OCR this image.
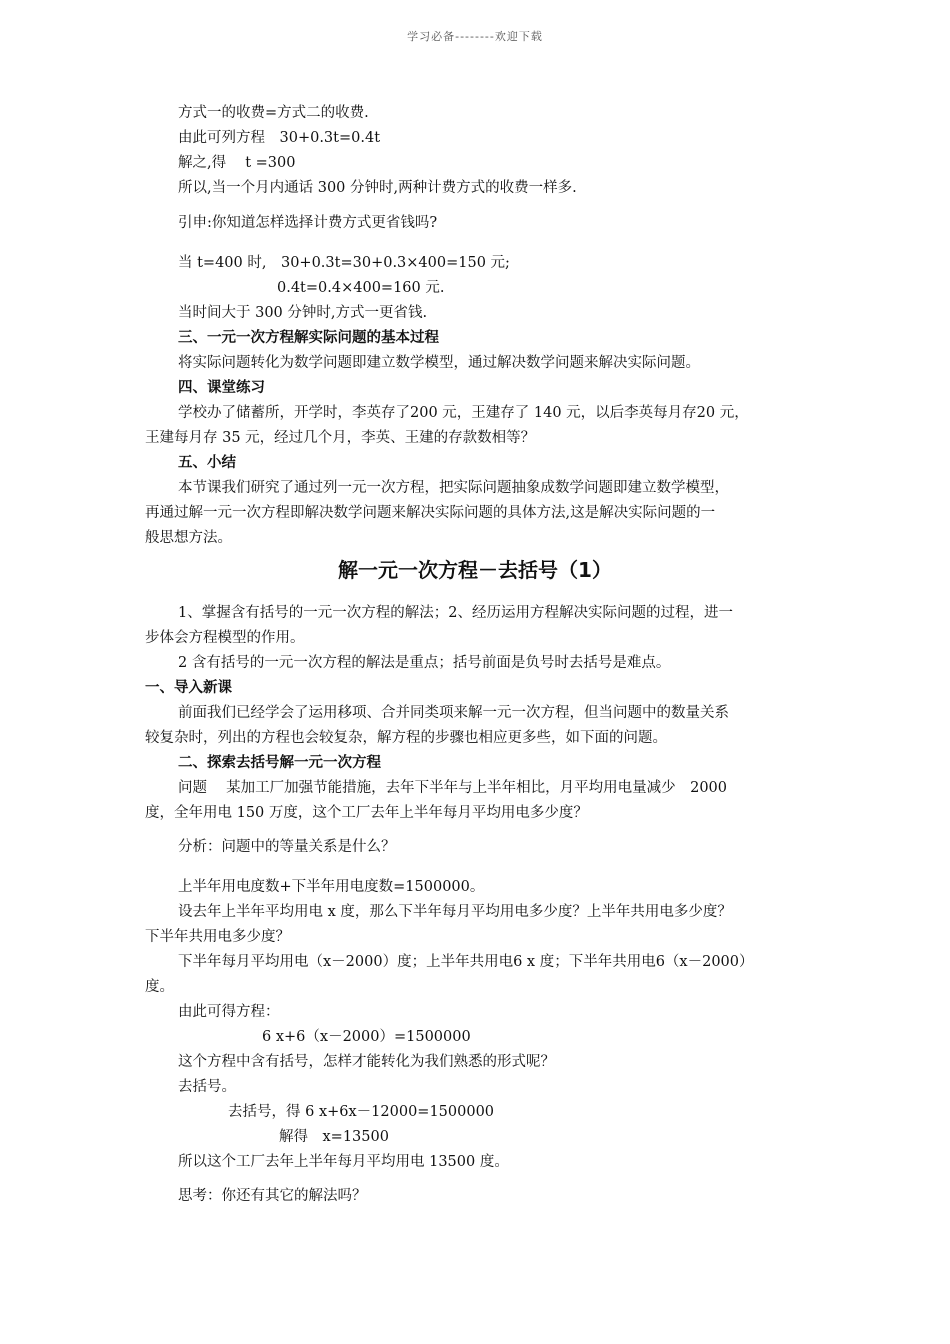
学习必备--------欢迎下载
方式一的收费=方式二的收费.
由此可列方程　30+0.3t=0.4t
解之,得　 t =300
所以,当一个月内通话 300 分钟时,两种计费方式的收费一样多.
引申:你知道怎样选择计费方式更省钱吗?
当 t=400 时,　30+0.3t=30+0.3×400=150 元;
0.4t=0.4×400=160 元.
当时间大于 300 分钟时,方式一更省钱.
三、一元一次方程解实际问题的基本过程
将实际问题转化为数学问题即建立数学模型，通过解决数学问题来解决实际问题。
四、课堂练习
学校办了储蓄所，开学时，李英存了200 元，王建存了 140 元，以后李英每月存20 元，
王建每月存 35 元，经过几个月，李英、王建的存款数相等？
五、小结
本节课我们研究了通过列一元一次方程，把实际问题抽象成数学问题即建立数学模型，
再通过解一元一次方程即解决数学问题来解决实际问题的具体方法,这是解决实际问题的一
般思想方法。
解一元一次方程－去括号（1）
1、掌握含有括号的一元一次方程的解法；2、经历运用方程解决实际问题的过程，进一
步体会方程模型的作用。
2 含有括号的一元一次方程的解法是重点；括号前面是负号时去括号是难点。
一、导入新课
前面我们已经学会了运用移项、合并同类项来解一元一次方程，但当问题中的数量关系
较复杂时，列出的方程也会较复杂，解方程的步骤也相应更多些，如下面的问题。
二、探索去括号解一元一次方程
问题　 某加工厂加强节能措施，去年下半年与上半年相比，月平均用电量减少　2000
度，全年用电 150 万度，这个工厂去年上半年每月平均用电多少度？
分析：问题中的等量关系是什么？
上半年用电度数+下半年用电度数=1500000。
设去年上半年平均用电 x 度，那么下半年每月平均用电多少度？上半年共用电多少度？
下半年共用电多少度？
下半年每月平均用电（x－2000）度；上半年共用电6 x 度；下半年共用电6（x－2000）
度。
由此可得方程：
6 x+6（x－2000）=1500000
这个方程中含有括号，怎样才能转化为我们熟悉的形式呢？
去括号。
去括号，得 6 x+6x－12000=1500000
解得　x=13500
所以这个工厂去年上半年每月平均用电 13500 度。
思考：你还有其它的解法吗？
